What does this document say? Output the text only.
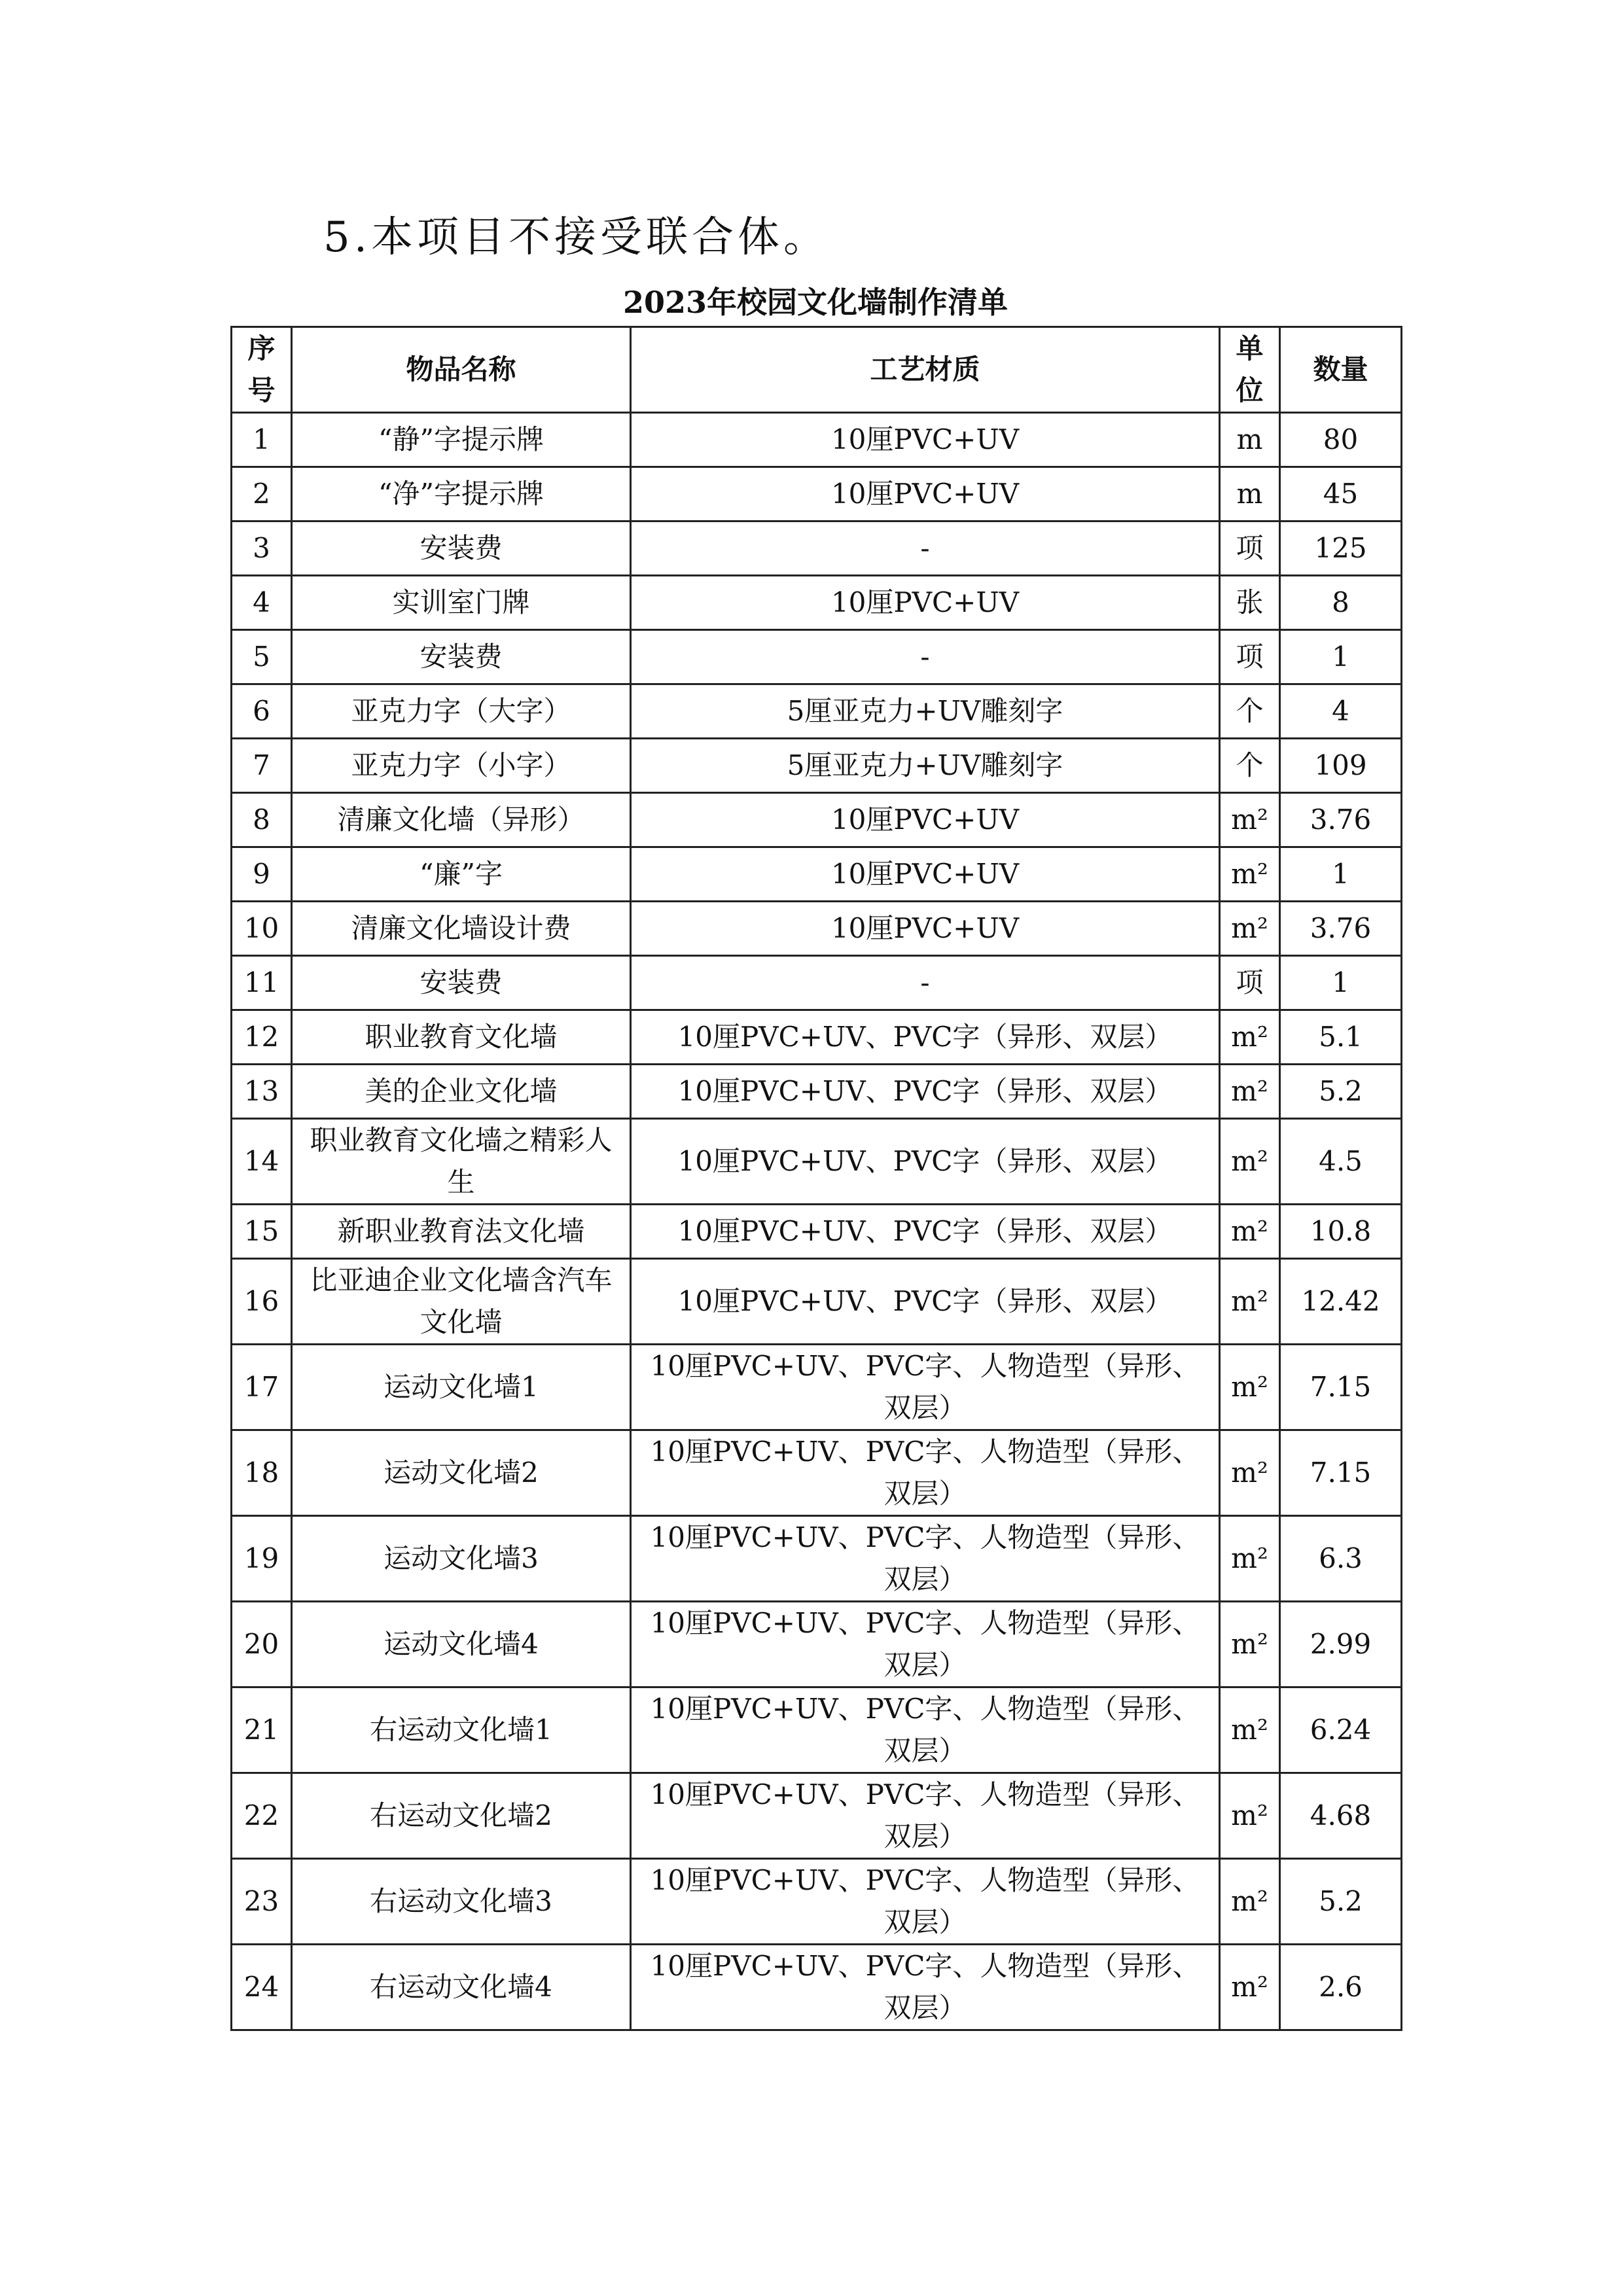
5.本项目不接受联合体。
2023年校园文化墙制作清单
序号	物品名称	工艺材质	单位	数量
1	“静”字提示牌	10厘PVC+UV	m	80
2	“净”字提示牌	10厘PVC+UV	m	45
3	安装费	-	项	125
4	实训室门牌	10厘PVC+UV	张	8
5	安装费	-	项	1
6	亚克力字（大字）	5厘亚克力+UV雕刻字	个	4
7	亚克力字（小字）	5厘亚克力+UV雕刻字	个	109
8	清廉文化墙（异形）	10厘PVC+UV	m²	3.76
9	“廉”字	10厘PVC+UV	m²	1
10	清廉文化墙设计费	10厘PVC+UV	m²	3.76
11	安装费	-	项	1
12	职业教育文化墙	10厘PVC+UV、PVC字（异形、双层）	m²	5.1
13	美的企业文化墙	10厘PVC+UV、PVC字（异形、双层）	m²	5.2
14	职业教育文化墙之精彩人生	10厘PVC+UV、PVC字（异形、双层）	m²	4.5
15	新职业教育法文化墙	10厘PVC+UV、PVC字（异形、双层）	m²	10.8
16	比亚迪企业文化墙含汽车文化墙	10厘PVC+UV、PVC字（异形、双层）	m²	12.42
17	运动文化墙1	10厘PVC+UV、PVC字、人物造型（异形、双层）	m²	7.15
18	运动文化墙2	10厘PVC+UV、PVC字、人物造型（异形、双层）	m²	7.15
19	运动文化墙3	10厘PVC+UV、PVC字、人物造型（异形、双层）	m²	6.3
20	运动文化墙4	10厘PVC+UV、PVC字、人物造型（异形、双层）	m²	2.99
21	右运动文化墙1	10厘PVC+UV、PVC字、人物造型（异形、双层）	m²	6.24
22	右运动文化墙2	10厘PVC+UV、PVC字、人物造型（异形、双层）	m²	4.68
23	右运动文化墙3	10厘PVC+UV、PVC字、人物造型（异形、双层）	m²	5.2
24	右运动文化墙4	10厘PVC+UV、PVC字、人物造型（异形、双层）	m²	2.6
